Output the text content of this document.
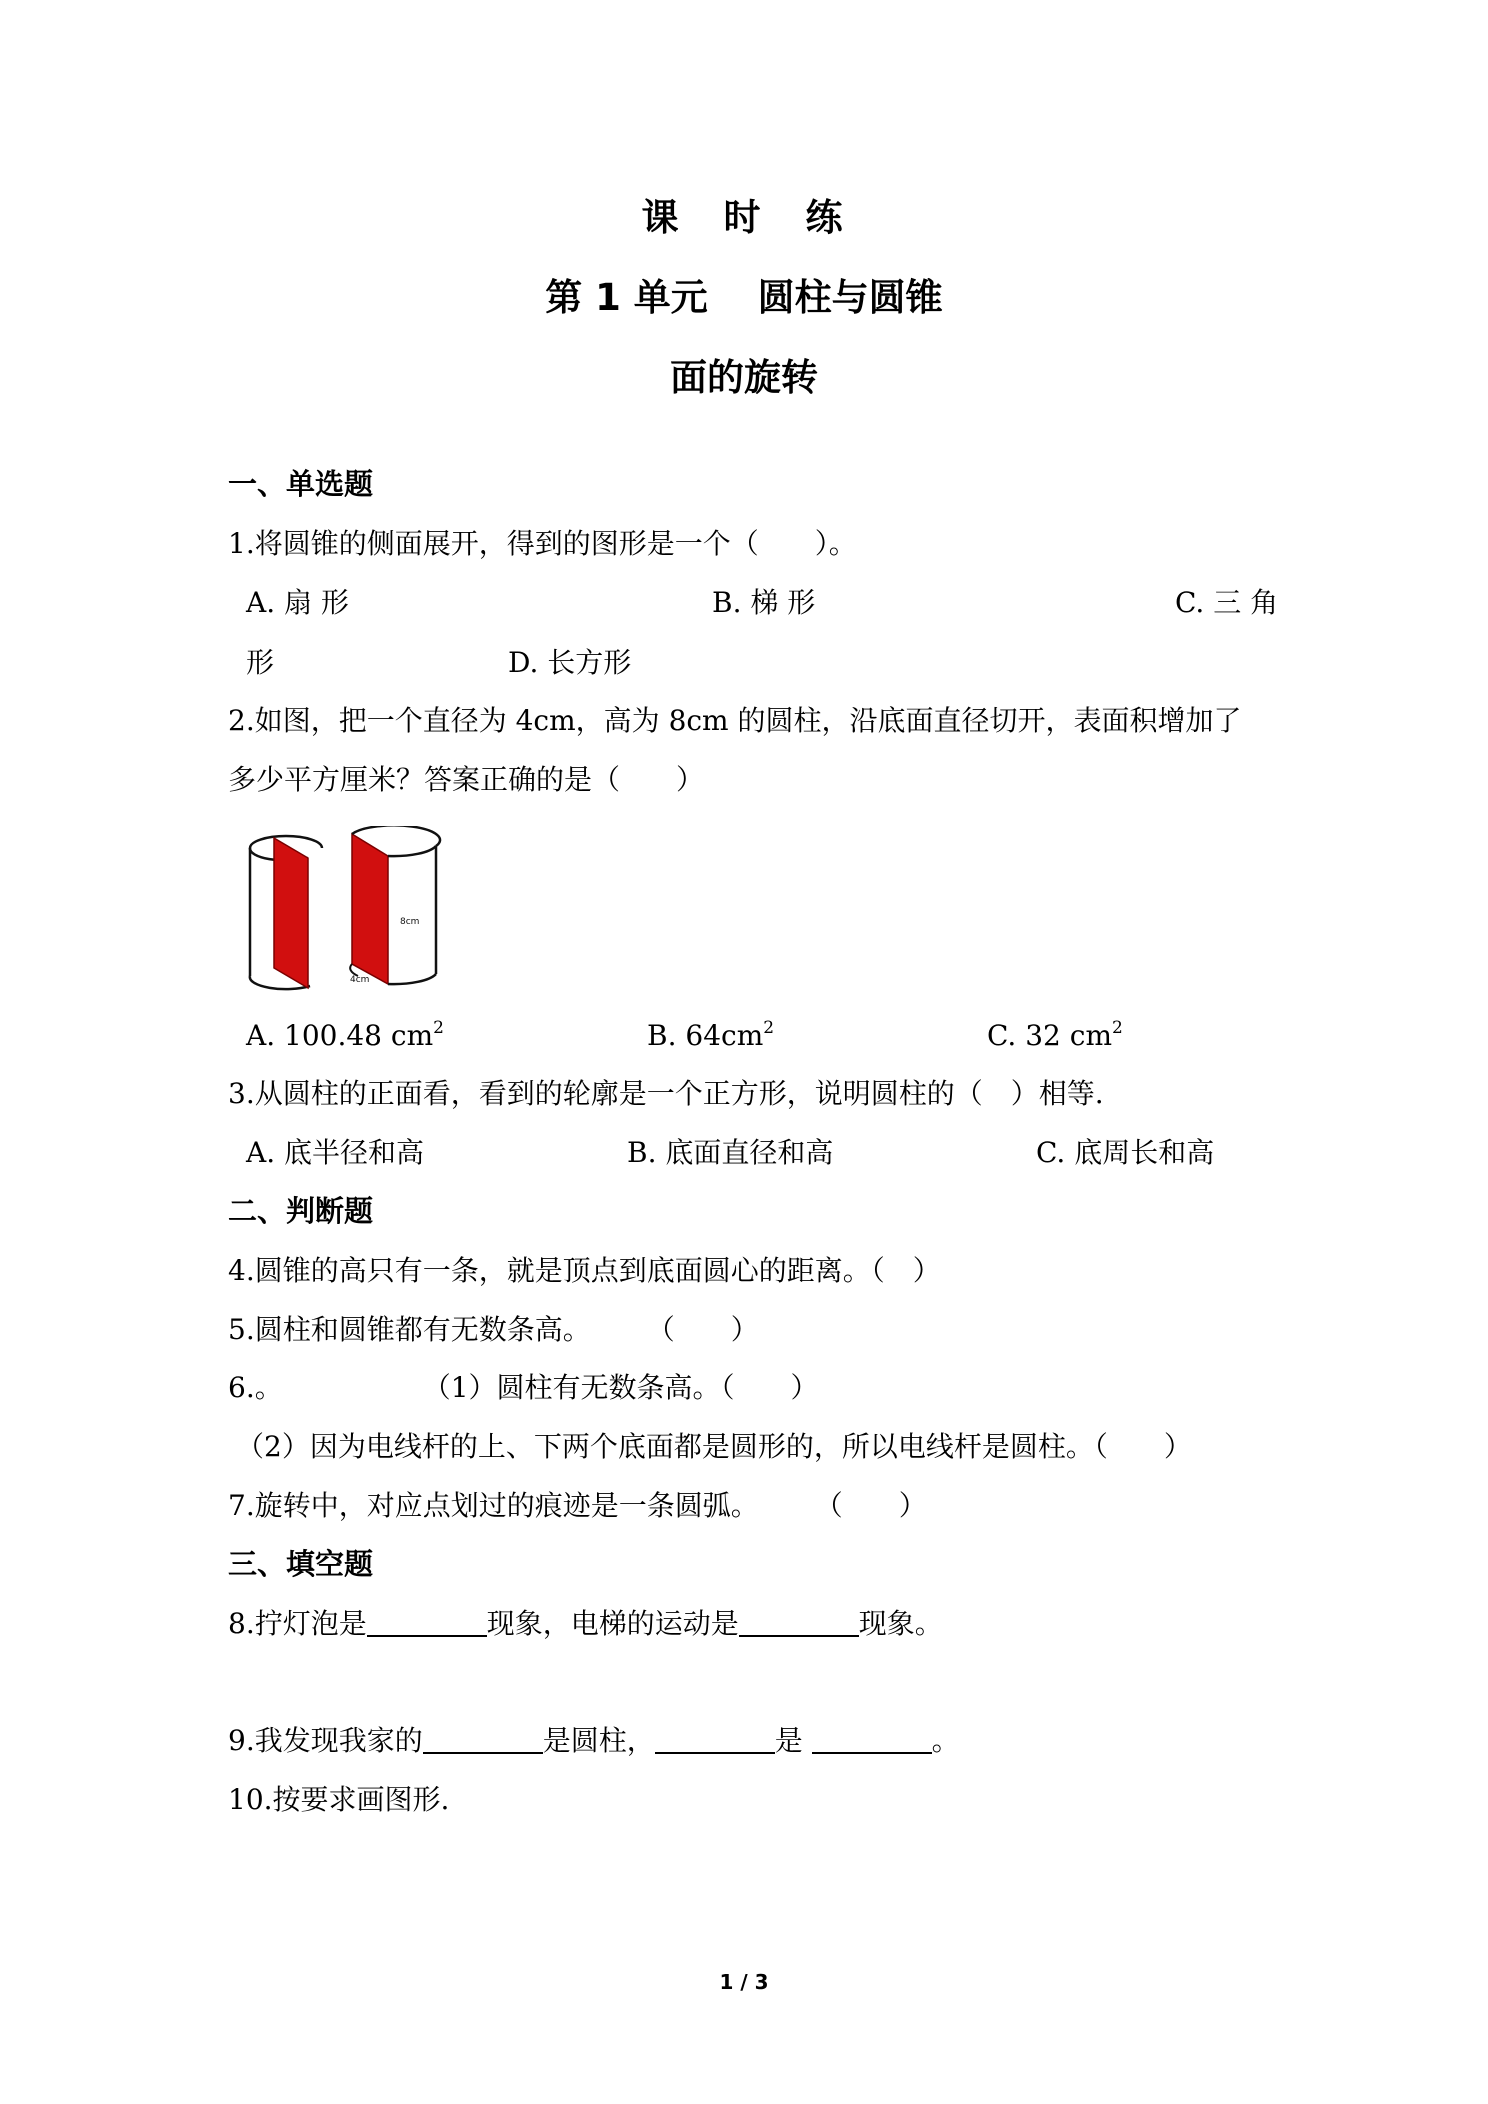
课　时　练
第 1 单元　 圆柱与圆锥
面的旋转
一、单选题
1.将圆锥的侧面展开，得到的图形是一个（　　）。
A. 扇 形	B. 梯 形	C. 三 角
形	D. 长方形
2.如图，把一个直径为 4cm，高为 8cm 的圆柱，沿底面直径切开，表面积增加了
多少平方厘米？答案正确的是（　　）
8cm
4cm
A. 100.48 $cm^2$	B. $64cm^2$	C. 32 $cm^2$
3.从圆柱的正面看，看到的轮廓是一个正方形，说明圆柱的（　）相等.
A. 底半径和高	B. 底面直径和高	C. 底周长和高
二、判断题
4.圆锥的高只有一条，就是顶点到底面圆心的距离。（　）
5.圆柱和圆锥都有无数条高。　　　（　　）
6.。　　　　　　（1）圆柱有无数条高。（　　）
（2）因为电线杆的上、下两个底面都是圆形的，所以电线杆是圆柱。（　　）
7.旋转中，对应点划过的痕迹是一条圆弧。　　　（　　）
三、填空题
8.拧灯泡是	现象，电梯的运动是	现象。
9.我发现我家的	是圆柱，	是	。
10.按要求画图形.
1 / 3
